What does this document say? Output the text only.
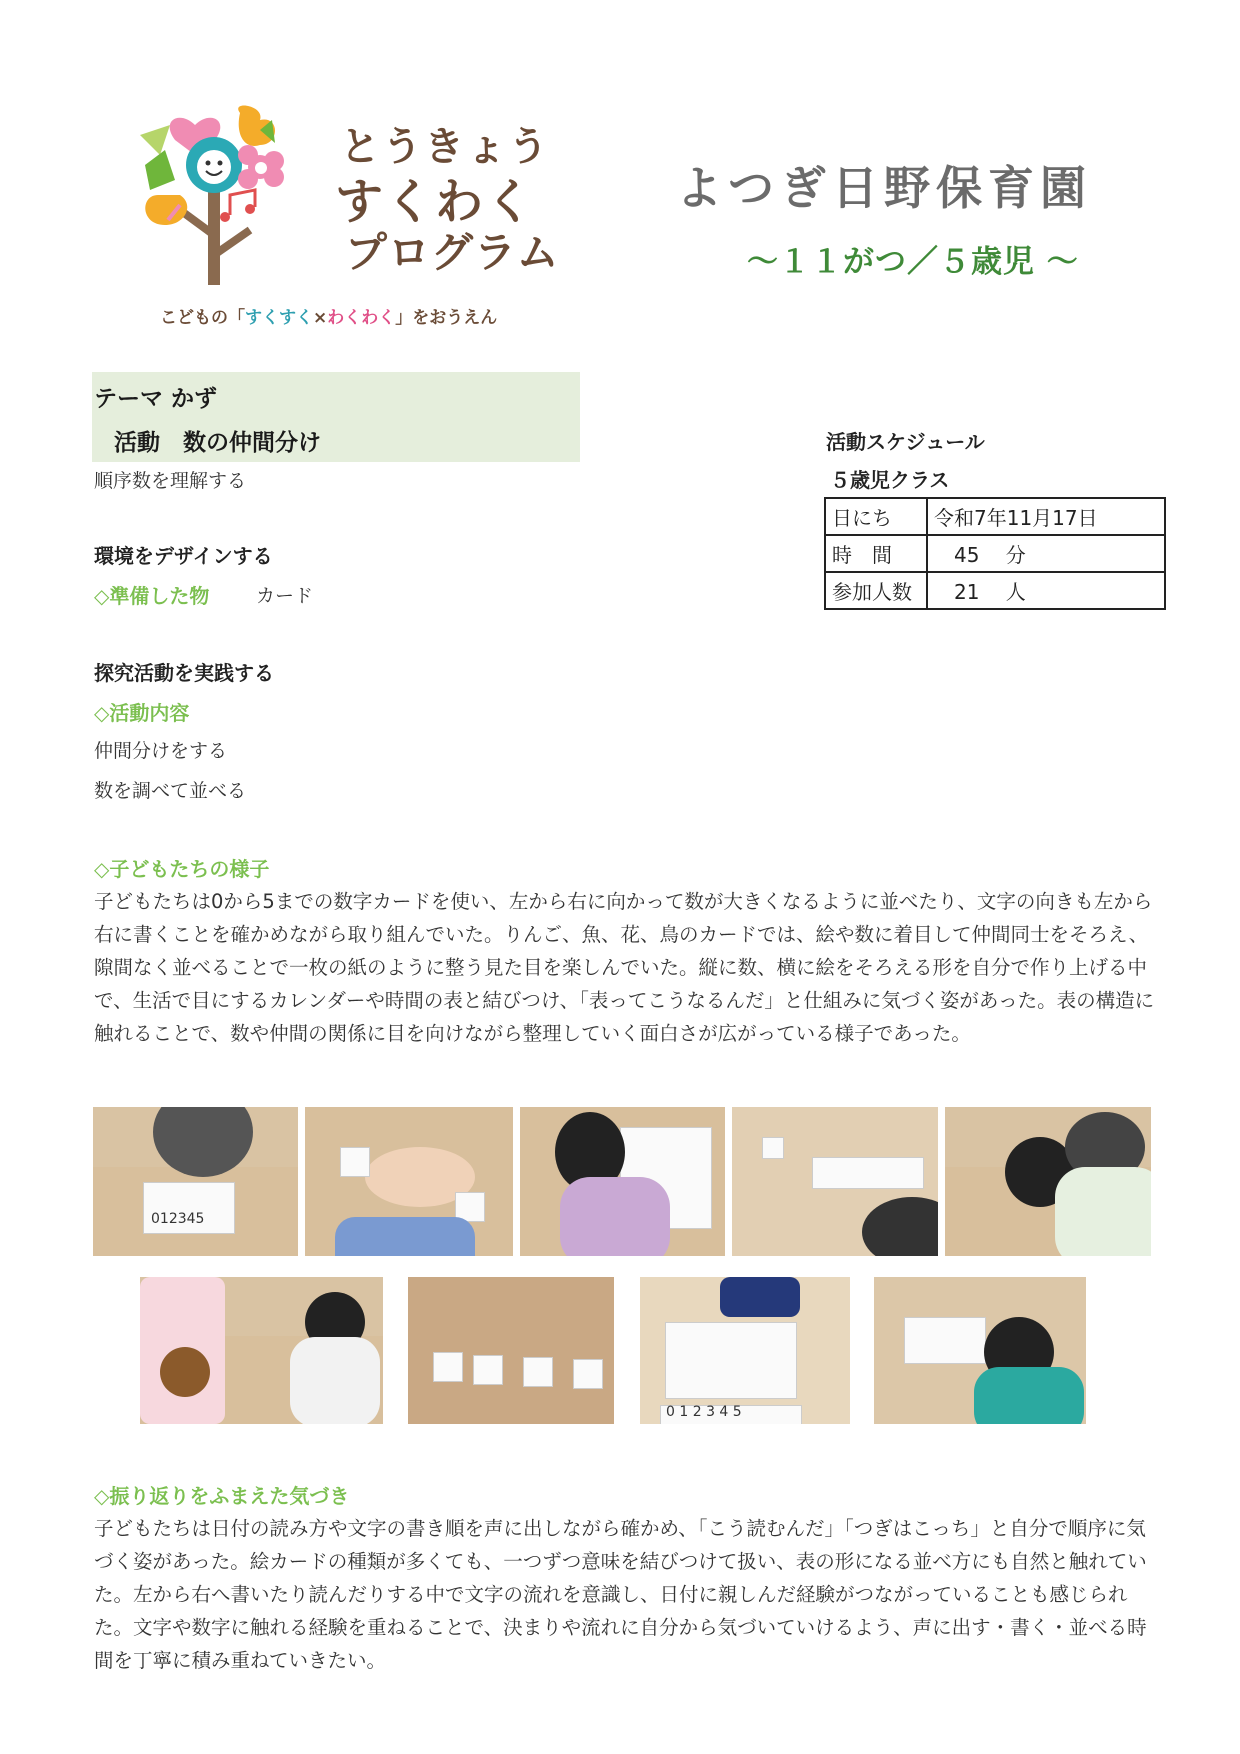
とうきょう
すくわく
プログラム
こどもの「すくすく×わくわく」をおうえん
よつぎ日野保育園
～１１がつ／５歳児 ～
テーマ かず
活動　数の仲間分け
順序数を理解する
環境をデザインする
◇準備した物 カード
探究活動を実践する
◇活動内容
仲間分けをする
数を調べて並べる
活動スケジュール
５歳児クラス
日にち	令和7年11月17日
時　間	　45　 分
参加人数	　21　 人
◇子どもたちの様子
子どもたちは0から5までの数字カードを使い、左から右に向かって数が大きくなるように並べたり、文字の向きも左から右に書くことを確かめながら取り組んでいた。りんご、魚、花、鳥のカードでは、絵や数に着目して仲間同士をそろえ、隙間なく並べることで一枚の紙のように整う見た目を楽しんでいた。縦に数、横に絵をそろえる形を自分で作り上げる中で、生活で目にするカレンダーや時間の表と結びつけ、「表ってこうなるんだ」と仕組みに気づく姿があった。表の構造に触れることで、数や仲間の関係に目を向けながら整理していく面白さが広がっている様子であった。
012345
0 1 2 3 4 5
◇振り返りをふまえた気づき
子どもたちは日付の読み方や文字の書き順を声に出しながら確かめ、「こう読むんだ」「つぎはこっち」と自分で順序に気づく姿があった。絵カードの種類が多くても、一つずつ意味を結びつけて扱い、表の形になる並べ方にも自然と触れていた。左から右へ書いたり読んだりする中で文字の流れを意識し、日付に親しんだ経験がつながっていることも感じられた。文字や数字に触れる経験を重ねることで、決まりや流れに自分から気づいていけるよう、声に出す・書く・並べる時間を丁寧に積み重ねていきたい。
